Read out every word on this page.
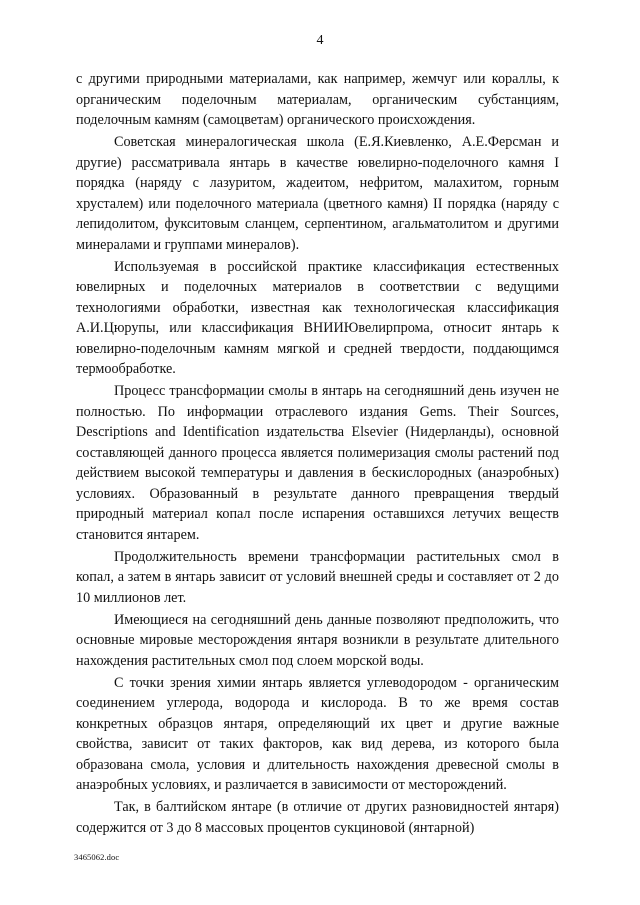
4

с другими природными материалами, как например, жемчуг или кораллы, к органическим поделочным материалам, органическим субстанциям, поделочным камням (самоцветам) органического происхождения.

Советская минералогическая школа (Е.Я.Киевленко, А.Е.Ферсман и другие) рассматривала янтарь в качестве ювелирно-поделочного камня I порядка (наряду с лазуритом, жадеитом, нефритом, малахитом, горным хрусталем) или поделочного материала (цветного камня) II порядка (наряду с лепидолитом, фукситовым сланцем, серпентином, агальматолитом и другими минералами и группами минералов).

Используемая в российской практике классификация естественных ювелирных и поделочных материалов в соответствии с ведущими технологиями обработки, известная как технологическая классификация А.И.Цюрупы, или классификация ВНИИЮвелирпрома, относит янтарь к ювелирно-поделочным камням мягкой и средней твердости, поддающимся термообработке.

Процесс трансформации смолы в янтарь на сегодняшний день изучен не полностью. По информации отраслевого издания Gems. Their Sources, Descriptions and Identification издательства Elsevier (Нидерланды), основной составляющей данного процесса является полимеризация смолы растений под действием высокой температуры и давления в бескислородных (анаэробных) условиях. Образованный в результате данного превращения твердый природный материал копал после испарения оставшихся летучих веществ становится янтарем.

Продолжительность времени трансформации растительных смол в копал, а затем в янтарь зависит от условий внешней среды и составляет от 2 до 10 миллионов лет.

Имеющиеся на сегодняшний день данные позволяют предположить, что основные мировые месторождения янтаря возникли в результате длительного нахождения растительных смол под слоем морской воды.

С точки зрения химии янтарь является углеводородом - органическим соединением углерода, водорода и кислорода. В то же время состав конкретных образцов янтаря, определяющий их цвет и другие важные свойства, зависит от таких факторов, как вид дерева, из которого была образована смола, условия и длительность нахождения древесной смолы в анаэробных условиях, и различается в зависимости от месторождений.

Так, в балтийском янтаре (в отличие от других разновидностей янтаря) содержится от 3 до 8 массовых процентов сукциновой (янтарной)

3465062.doc
